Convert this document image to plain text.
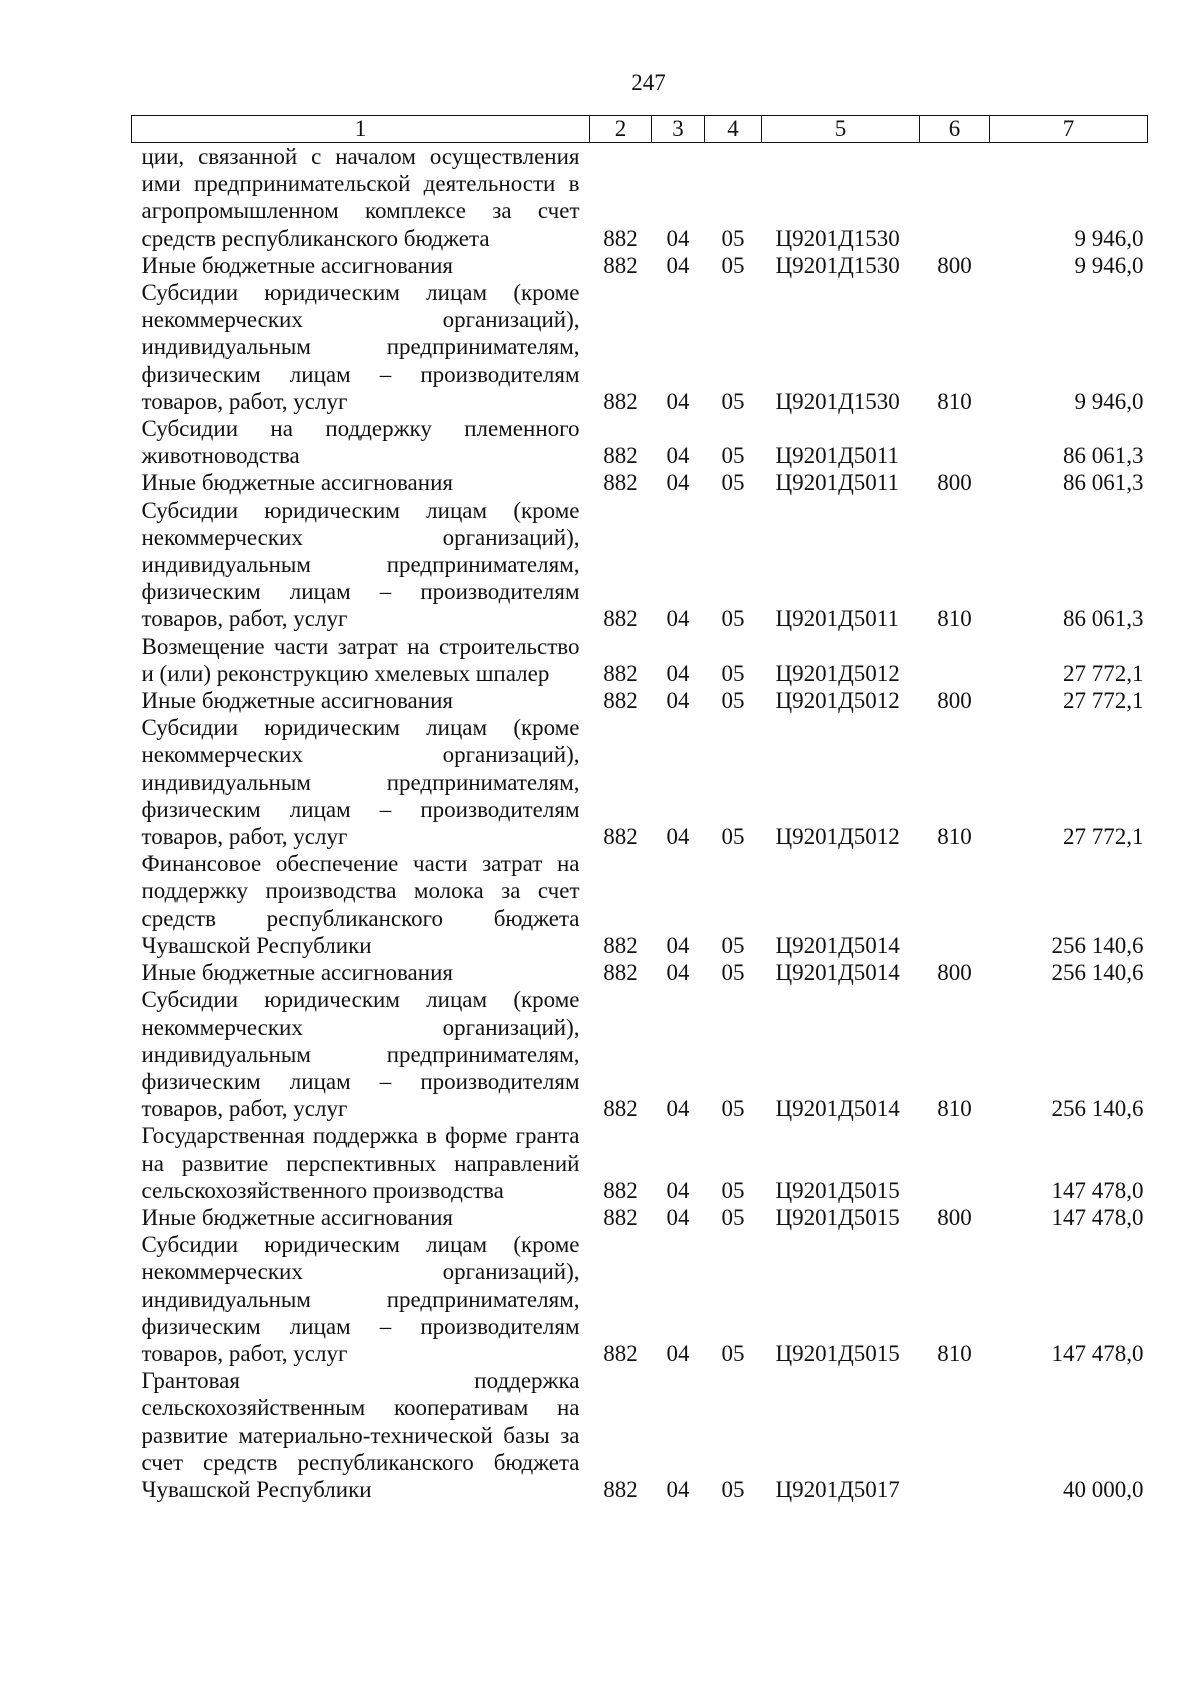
247
1	2	3	4	5	6	7
ции, связанной с началом осуществления ими предпринимательской деятельности в агропромышленном комплексе за счет средств республиканского бюджета	882	04	05	Ц9201Д1530		9 946,0
Иные бюджетные ассигнования	882	04	05	Ц9201Д1530	800	9 946,0
Субсидии юридическим лицам (кроме некоммерческих организаций), индивидуальным предпринимателям, физическим лицам – производителям товаров, работ, услуг	882	04	05	Ц9201Д1530	810	9 946,0
Субсидии на поддержку племенного животноводства	882	04	05	Ц9201Д5011		86 061,3
Иные бюджетные ассигнования	882	04	05	Ц9201Д5011	800	86 061,3
Субсидии юридическим лицам (кроме некоммерческих организаций), индивидуальным предпринимателям, физическим лицам – производителям товаров, работ, услуг	882	04	05	Ц9201Д5011	810	86 061,3
Возмещение части затрат на строительство и (или) реконструкцию хмелевых шпалер	882	04	05	Ц9201Д5012		27 772,1
Иные бюджетные ассигнования	882	04	05	Ц9201Д5012	800	27 772,1
Субсидии юридическим лицам (кроме некоммерческих организаций), индивидуальным предпринимателям, физическим лицам – производителям товаров, работ, услуг	882	04	05	Ц9201Д5012	810	27 772,1
Финансовое обеспечение части затрат на поддержку производства молока за счет средств республиканского бюджета Чувашской Республики	882	04	05	Ц9201Д5014		256 140,6
Иные бюджетные ассигнования	882	04	05	Ц9201Д5014	800	256 140,6
Субсидии юридическим лицам (кроме некоммерческих организаций), индивидуальным предпринимателям, физическим лицам – производителям товаров, работ, услуг	882	04	05	Ц9201Д5014	810	256 140,6
Государственная поддержка в форме гранта на развитие перспективных направлений сельскохозяйственного производства	882	04	05	Ц9201Д5015		147 478,0
Иные бюджетные ассигнования	882	04	05	Ц9201Д5015	800	147 478,0
Субсидии юридическим лицам (кроме некоммерческих организаций), индивидуальным предпринимателям, физическим лицам – производителям товаров, работ, услуг	882	04	05	Ц9201Д5015	810	147 478,0
Грантовая поддержка сельскохозяйственным кооперативам на развитие материально-технической базы за счет средств республиканского бюджета Чувашской Республики	882	04	05	Ц9201Д5017		40 000,0
